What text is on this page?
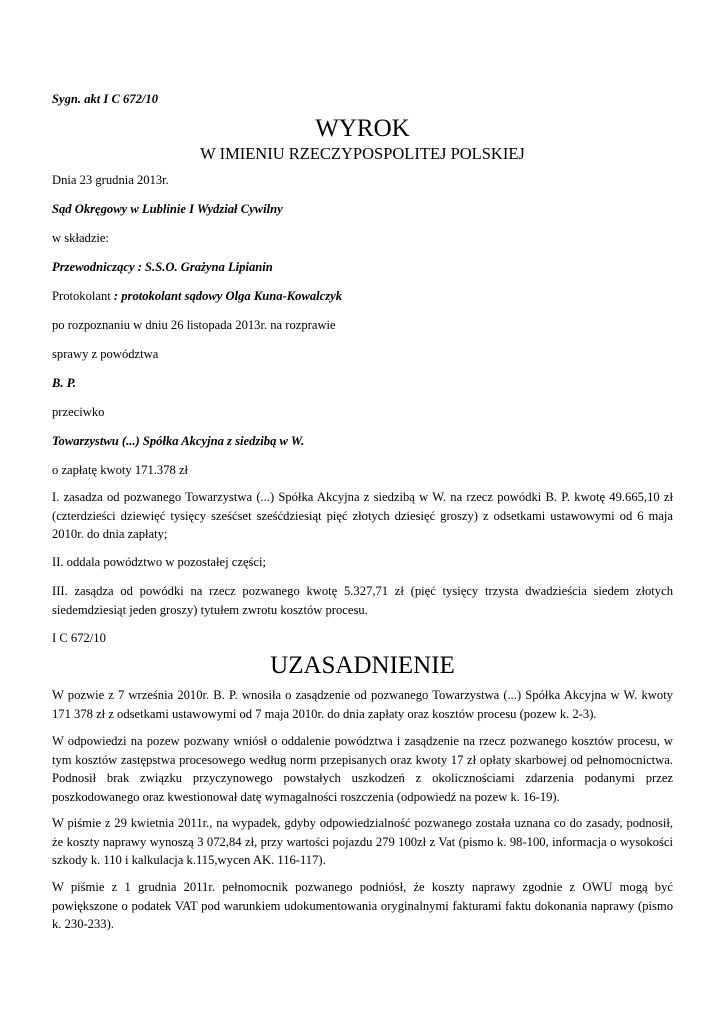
Sygn. akt I C 672/10
WYROK
W IMIENIU RZECZYPOSPOLITEJ POLSKIEJ
Dnia 23 grudnia 2013r.
Sąd Okręgowy w Lublinie I Wydział Cywilny
w składzie:
Przewodniczący : S.S.O. Grażyna Lipianin
Protokolant : protokolant sądowy Olga Kuna-Kowalczyk
po rozpoznaniu w dniu 26 listopada 2013r. na rozprawie
sprawy z powództwa
B. P.
przeciwko
Towarzystwu (...) Spółka Akcyjna z siedzibą w W.
o zapłatę kwoty 171.378 zł
I. zasadza od pozwanego Towarzystwa (...) Spółka Akcyjna z siedzibą w W. na rzecz powódki B. P. kwotę 49.665,10 zł (czterdzieści dziewięć tysięcy sześćset sześćdziesiąt pięć złotych dziesięć groszy) z odsetkami ustawowymi od 6 maja 2010r. do dnia zapłaty;
II. oddala powództwo w pozostałej części;
III. zasądza od powódki na rzecz pozwanego kwotę 5.327,71 zł (pięć tysięcy trzysta dwadzieścia siedem złotych siedemdziesiąt jeden groszy) tytułem zwrotu kosztów procesu.
I C 672/10
UZASADNIENIE
W pozwie z 7 września 2010r. B. P. wnosiła o zasądzenie od pozwanego Towarzystwa (...) Spółka Akcyjna w W. kwoty 171 378 zł z odsetkami ustawowymi od 7 maja 2010r. do dnia zapłaty oraz kosztów procesu (pozew k. 2-3).
W odpowiedzi na pozew pozwany wniósł o oddalenie powództwa i zasądzenie na rzecz pozwanego kosztów procesu, w tym kosztów zastępstwa procesowego według norm przepisanych oraz kwoty 17 zł opłaty skarbowej od pełnomocnictwa. Podnosił brak związku przyczynowego powstałych uszkodzeń z okolicznościami zdarzenia podanymi przez poszkodowanego oraz kwestionował datę wymagalności roszczenia (odpowiedź na pozew k. 16-19).
W piśmie z 29 kwietnia 2011r., na wypadek, gdyby odpowiedzialność pozwanego została uznana co do zasady, podnosił, że koszty naprawy wynoszą 3 072,84 zł, przy wartości pojazdu 279 100zł z Vat (pismo k. 98-100, informacja o wysokości szkody k. 110 i kalkulacja k.115,wycen AK. 116-117).
W piśmie z 1 grudnia 2011r. pełnomocnik pozwanego podniósł, że koszty naprawy zgodnie z OWU mogą być powiększone o podatek VAT pod warunkiem udokumentowania oryginalnymi fakturami faktu dokonania naprawy (pismo k. 230-233).
